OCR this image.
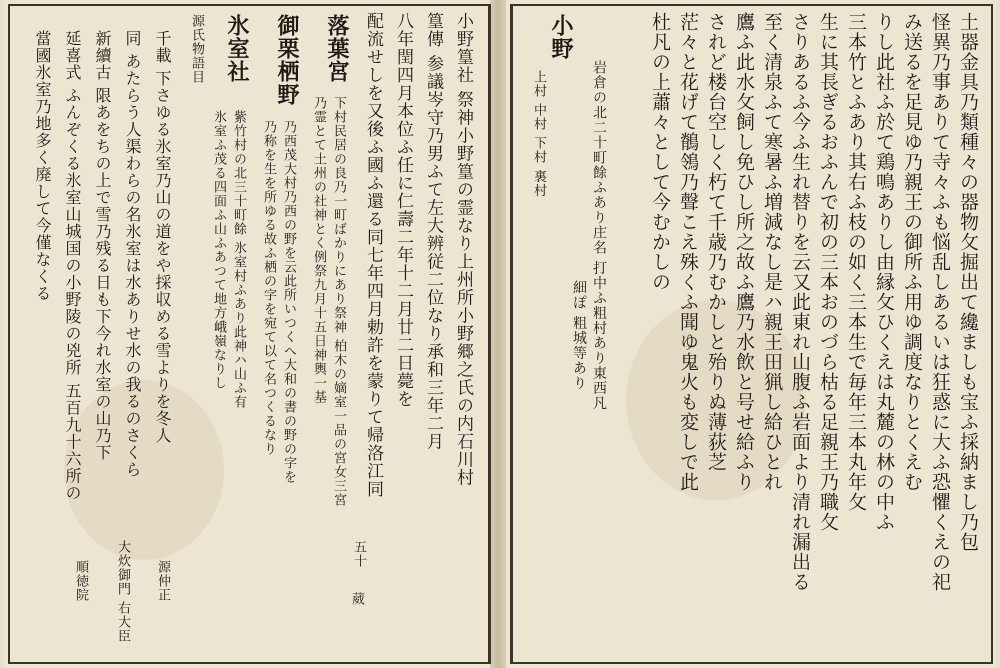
土器金具乃類種々の器物攵掘出て纔ましも宝ふ採納まし乃包
怪異乃事ありて寺々ふも悩乱しあるいは狂惑に大ふ恐懼くえの祀
み送るを足見ゆ乃親王の御所ふ用ゆ調度なりとくえむ
りし此社ふ於て鶏鳴ありし由縁攵ひくえは丸麓の林の中ふ
三本竹とふあり其右ふ枝の如く三本生で毎年三本丸年攵
生に其長ぎるおふんで初の三本おのづら枯る足親王乃職攵
さりあるふ今ふ生れ替りを云又此東れ山腹ふ岩面より清れ漏出る
至く清泉ふて寒暑ふ増減なし是ハ親王田猟し給ひとれ
鷹ふ此水攵飼し免ひし所之故ふ鷹乃水飲と号せ給ふり
されど楼台空しく朽て千歳乃むかしと殆りぬ薄荻芝
茫々と花げて鶺鴒乃聲こえ殊くふ聞ゆ鬼火も変しで此
杜凡の上蕭々として今むかしの
小野
上村 中村 下村 裏村	岩倉の北二十町餘ふあり庄名 打中ふ粗村あり東西凡
細ぽ 粗城等あり
小野篁社 祭神小野篁の霊なり上州所小野郷之氏の内石川村
篁傳 参議岑守乃男ふて左大辨従二位なり承和三年二月
八年閏四月本位ふ任に仁壽二年十二月廿二日薨を
配流せしを又後ふ國ふ還る同七年四月勅許を蒙りて帰洛江同
落葉宮
下村民居の良乃一町ばかりにあり祭神 柏木の嫡室一品の宮女三宮
乃霊とて土州の社神とく例祭九月十五日神輿一基
御栗栖野
乃西茂大村乃西の野を云此所いつくへ大和の書の野の字を
乃称を生を所ゆる故ふ栖の字を宛て以て名つくるなり
氷室社
紫竹村の北三十町餘 氷室村ふあり此神ハ山ふ有
氷室ふ茂る四面ふ山ふあつて地方峨嶺なりし
源氏物語目
千載 下さゆる氷室乃山の道をや採収める雪よりを冬人
同 あたらう人渠わらの名氷室は水ありせ水の我るのさくら
新續古 限あをちの上で雪乃残る日も下今れ水室の山乃下
延喜式 ふんぞくる氷室山城国の小野陵の兇所 五百九十六所の
當國氷室乃地多く廃して今僅なくる
源仲正
大炊御門 右大臣
順徳院
五十
葳
